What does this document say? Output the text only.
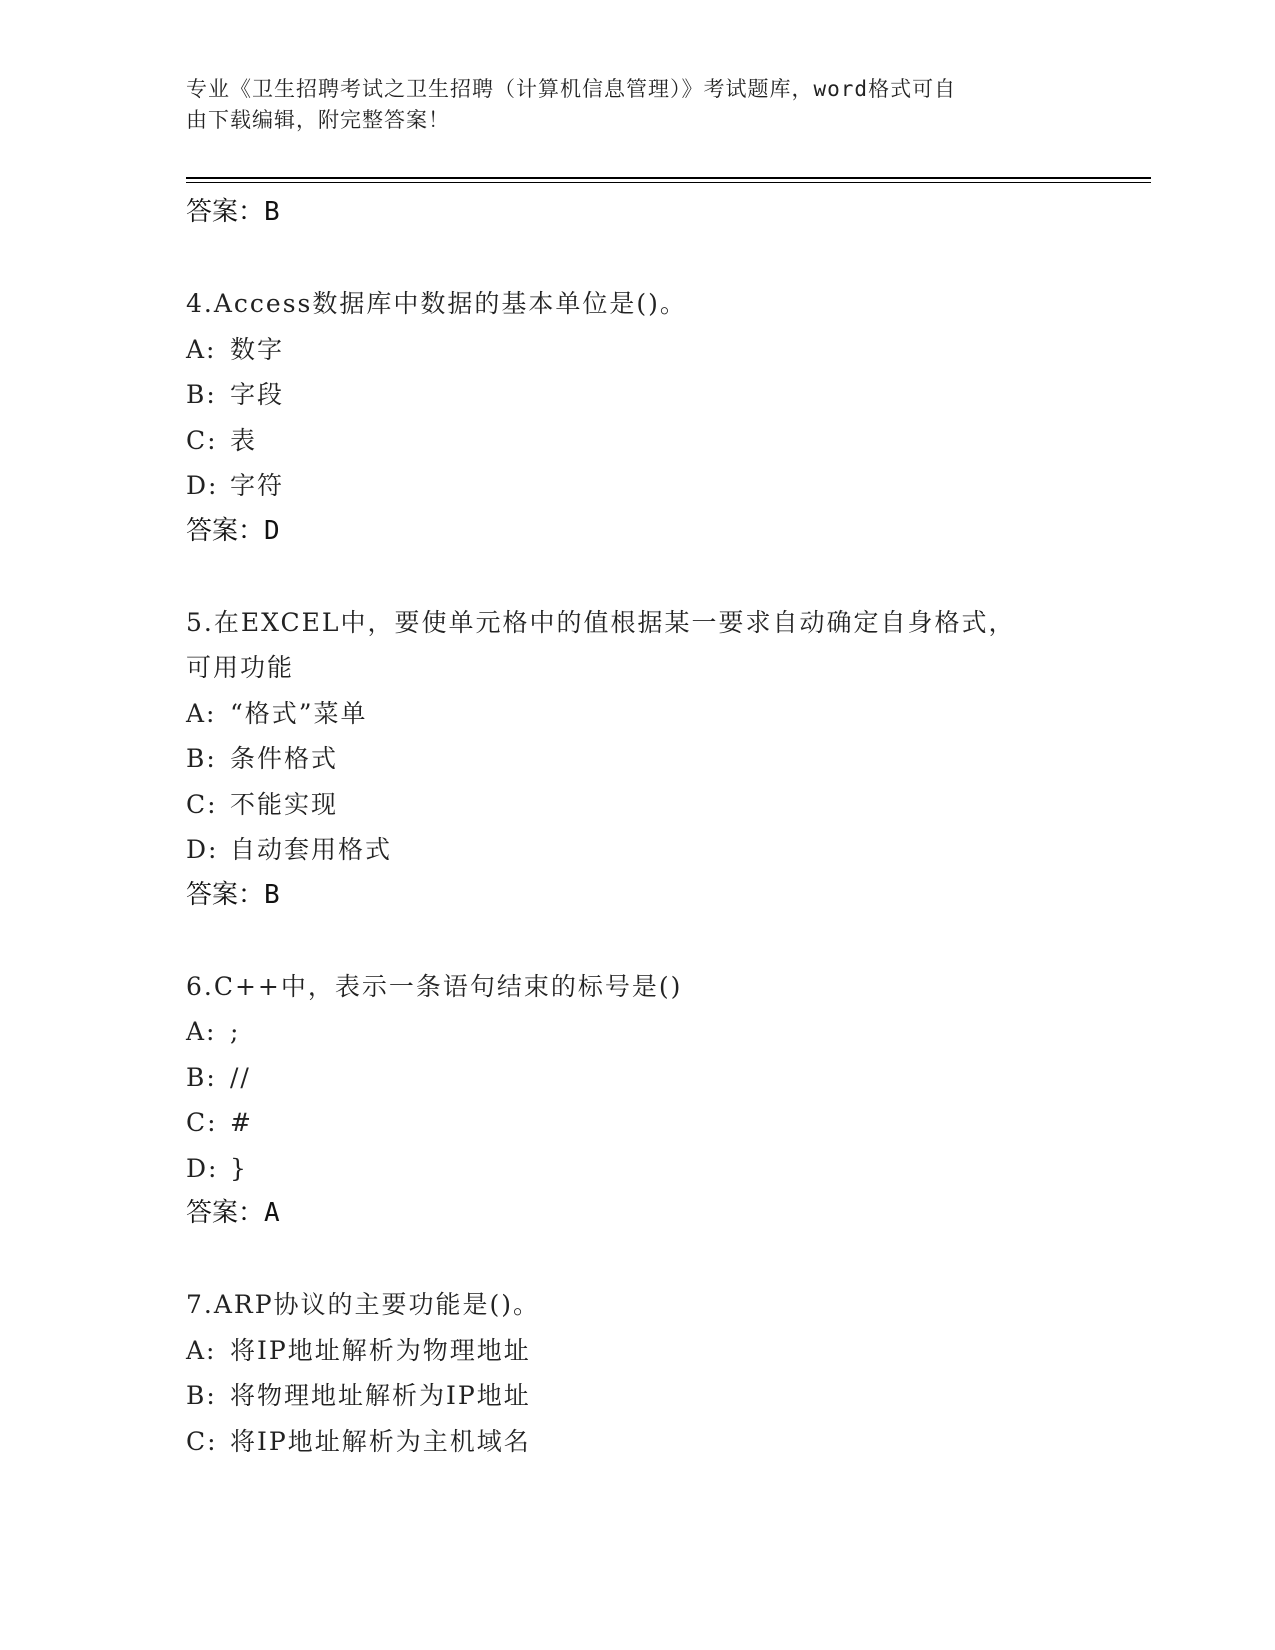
专业《卫生招聘考试之卫生招聘（计算机信息管理）》考试题库，word格式可自
由下载编辑，附完整答案！
答案：B
4.Access数据库中数据的基本单位是()。
A: 数字
B: 字段
C: 表
D: 字符
答案：D
5.在EXCEL中，要使单元格中的值根据某一要求自动确定自身格式，
可用功能
A: “格式”菜单
B: 条件格式
C: 不能实现
D: 自动套用格式
答案：B
6.C++中，表示一条语句结束的标号是()
A: ;
B: //
C: #
D: }
答案：A
7.ARP协议的主要功能是()。
A: 将IP地址解析为物理地址
B: 将物理地址解析为IP地址
C: 将IP地址解析为主机域名
